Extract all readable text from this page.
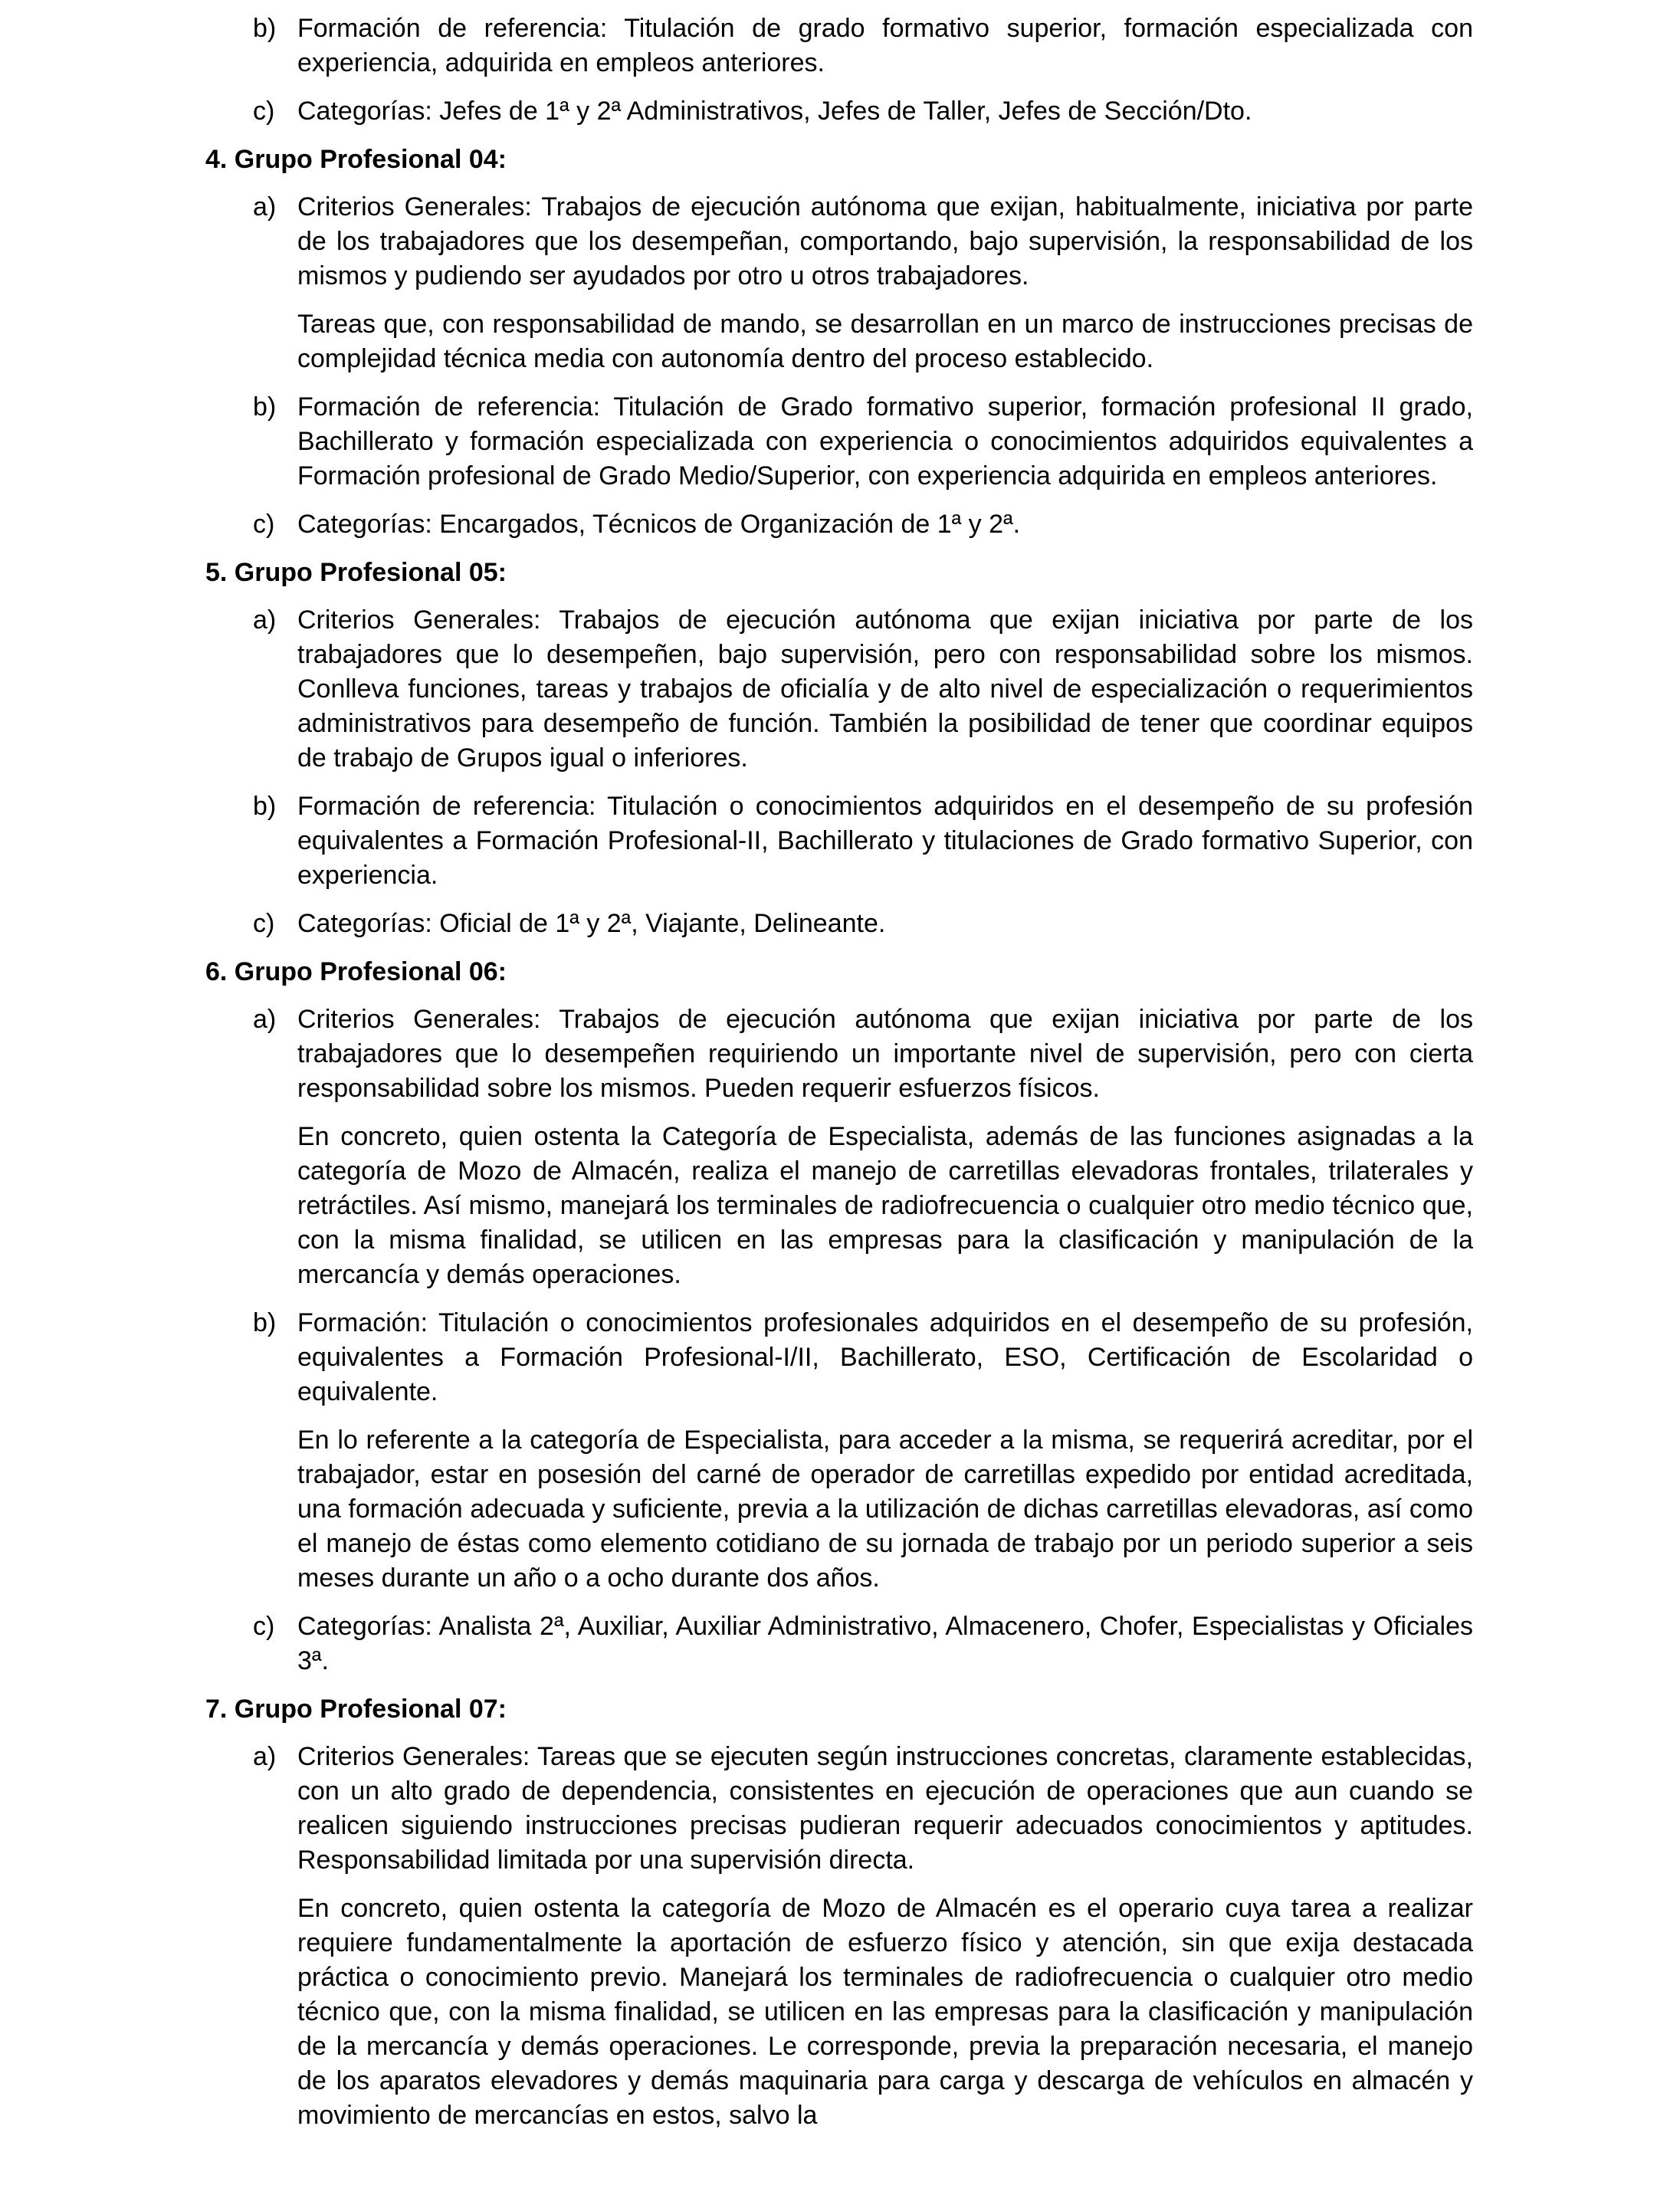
b) Formación de referencia: Titulación de grado formativo superior, formación especializada con experiencia, adquirida en empleos anteriores.

c) Categorías: Jefes de 1ª y 2ª Administrativos, Jefes de Taller, Jefes de Sección/Dto.

4. Grupo Profesional 04:
a) Criterios Generales: Trabajos de ejecución autónoma que exijan, habitualmente, iniciativa por parte de los trabajadores que los desempeñan, comportando, bajo supervisión, la responsabilidad de los mismos y pudiendo ser ayudados por otro u otros trabajadores.

Tareas que, con responsabilidad de mando, se desarrollan en un marco de instrucciones precisas de complejidad técnica media con autonomía dentro del proceso establecido.

b) Formación de referencia: Titulación de Grado formativo superior, formación profesional II grado, Bachillerato y formación especializada con experiencia o conocimientos adquiridos equivalentes a Formación profesional de Grado Medio/Superior, con experiencia adquirida en empleos anteriores.

c) Categorías: Encargados, Técnicos de Organización de 1ª y 2ª.

5. Grupo Profesional 05:
a) Criterios Generales: Trabajos de ejecución autónoma que exijan iniciativa por parte de los trabajadores que lo desempeñen, bajo supervisión, pero con responsabilidad sobre los mismos. Conlleva funciones, tareas y trabajos de oficialía y de alto nivel de especialización o requerimientos administrativos para desempeño de función. También la posibilidad de tener que coordinar equipos de trabajo de Grupos igual o inferiores.

b) Formación de referencia: Titulación o conocimientos adquiridos en el desempeño de su profesión equivalentes a Formación Profesional-II, Bachillerato y titulaciones de Grado formativo Superior, con experiencia.

c) Categorías: Oficial de 1ª y 2ª, Viajante, Delineante.

6. Grupo Profesional 06:
a) Criterios Generales: Trabajos de ejecución autónoma que exijan iniciativa por parte de los trabajadores que lo desempeñen requiriendo un importante nivel de supervisión, pero con cierta responsabilidad sobre los mismos. Pueden requerir esfuerzos físicos.

En concreto, quien ostenta la Categoría de Especialista, además de las funciones asignadas a la categoría de Mozo de Almacén, realiza el manejo de carretillas elevadoras frontales, trilaterales y retráctiles. Así mismo, manejará los terminales de radiofrecuencia o cualquier otro medio técnico que, con la misma finalidad, se utilicen en las empresas para la clasificación y manipulación de la mercancía y demás operaciones.

b) Formación: Titulación o conocimientos profesionales adquiridos en el desempeño de su profesión, equivalentes a Formación Profesional-I/II, Bachillerato, ESO, Certificación de Escolaridad o equivalente.

En lo referente a la categoría de Especialista, para acceder a la misma, se requerirá acreditar, por el trabajador, estar en posesión del carné de operador de carretillas expedido por entidad acreditada, una formación adecuada y suficiente, previa a la utilización de dichas carretillas elevadoras, así como el manejo de éstas como elemento cotidiano de su jornada de trabajo por un periodo superior a seis meses durante un año o a ocho durante dos años.

c) Categorías: Analista 2ª, Auxiliar, Auxiliar Administrativo, Almacenero, Chofer, Especialistas y Oficiales 3ª.

7. Grupo Profesional 07:
a) Criterios Generales: Tareas que se ejecuten según instrucciones concretas, claramente establecidas, con un alto grado de dependencia, consistentes en ejecución de operaciones que aun cuando se realicen siguiendo instrucciones precisas pudieran requerir adecuados conocimientos y aptitudes. Responsabilidad limitada por una supervisión directa.

En concreto, quien ostenta la categoría de Mozo de Almacén es el operario cuya tarea a realizar requiere fundamentalmente la aportación de esfuerzo físico y atención, sin que exija destacada práctica o conocimiento previo. Manejará los terminales de radiofrecuencia o cualquier otro medio técnico que, con la misma finalidad, se utilicen en las empresas para la clasificación y manipulación de la mercancía y demás operaciones. Le corresponde, previa la preparación necesaria, el manejo de los aparatos elevadores y demás maquinaria para carga y descarga de vehículos en almacén y movimiento de mercancías en estos, salvo la
